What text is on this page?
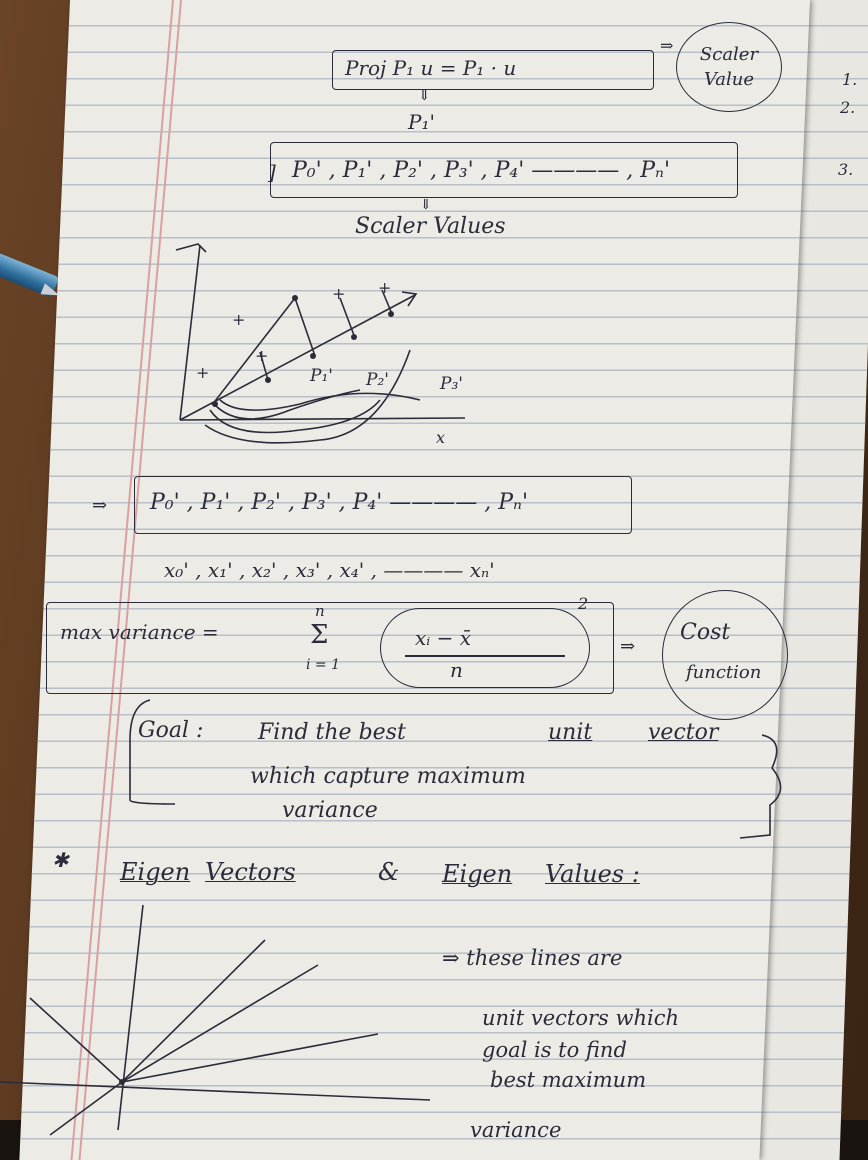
1.
2.
3.
Proj P₁ u = P₁ · u
⇒	Scaler Value
⇓
P₁'
] P₀' , P₁' , P₂' , P₃' , P₄' ———— , Pₙ'
⇓
Scaler Values
+
+
+
+ +
P₁' P₂'	P₃'
x
⇒ P₀' , P₁' , P₂' , P₃' , P₄' ———— , Pₙ'
x₀' , x₁' , x₂' , x₃' , x₄' , ———— xₙ'
max variance =
n
Σ
i = 1
xᵢ − x̄
n
2
⇒
Cost
function
Goal : Find the best	unit	vector
which capture maximum
variance
✱ Eigen Vectors	& Eigen Values :
⇒ these lines are
unit vectors which
goal is to find
best maximum
variance
